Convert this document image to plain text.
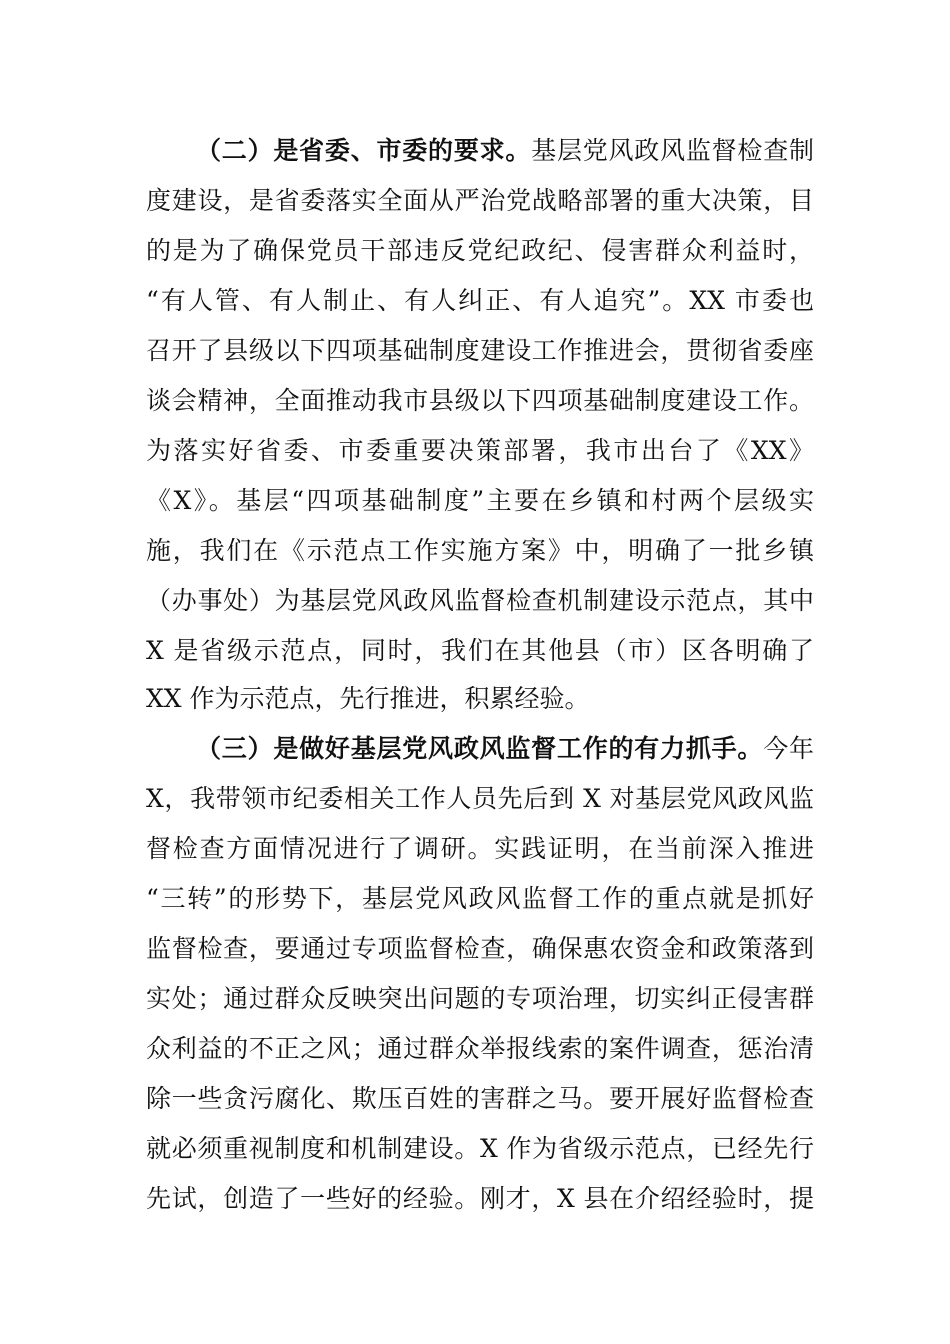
（二）是省委、市委的要求。基层党风政风监督检查制
度建设，是省委落实全面从严治党战略部署的重大决策，目
的是为了确保党员干部违反党纪政纪、侵害群众利益时，
“有人管、有人制止、有人纠正、有人追究”。XX 市委也
召开了县级以下四项基础制度建设工作推进会，贯彻省委座
谈会精神，全面推动我市县级以下四项基础制度建设工作。
为落实好省委、市委重要决策部署，我市出台了《XX》
《X》。基层“四项基础制度”主要在乡镇和村两个层级实
施，我们在《示范点工作实施方案》中，明确了一批乡镇
（办事处）为基层党风政风监督检查机制建设示范点，其中
X 是省级示范点，同时，我们在其他县（市）区各明确了
XX 作为示范点，先行推进，积累经验。
（三）是做好基层党风政风监督工作的有力抓手。今年
X，我带领市纪委相关工作人员先后到 X 对基层党风政风监
督检查方面情况进行了调研。实践证明，在当前深入推进
“三转”的形势下，基层党风政风监督工作的重点就是抓好
监督检查，要通过专项监督检查，确保惠农资金和政策落到
实处；通过群众反映突出问题的专项治理，切实纠正侵害群
众利益的不正之风；通过群众举报线索的案件调查，惩治清
除一些贪污腐化、欺压百姓的害群之马。要开展好监督检查
就必须重视制度和机制建设。X 作为省级示范点，已经先行
先试，创造了一些好的经验。刚才，X 县在介绍经验时，提
